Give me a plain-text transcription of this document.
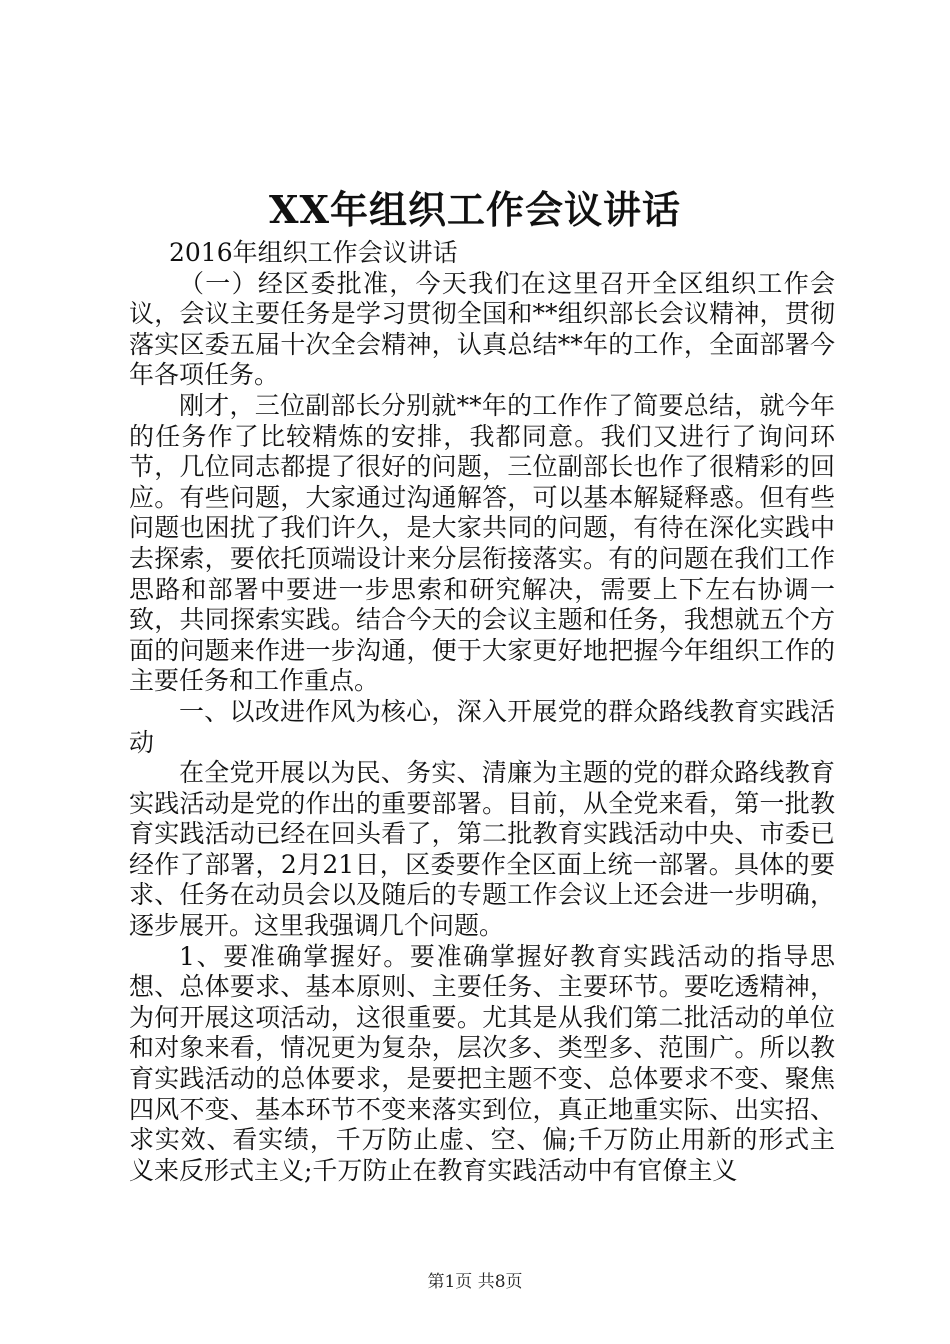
XX年组织工作会议讲话

2016年组织工作会议讲话

（一）经区委批准，今天我们在这里召开全区组织工作会议，会议主要任务是学习贯彻全国和**组织部长会议精神，贯彻落实区委五届十次全会精神，认真总结**年的工作，全面部署今年各项任务。

刚才，三位副部长分别就**年的工作作了简要总结，就今年的任务作了比较精炼的安排，我都同意。我们又进行了询问环节，几位同志都提了很好的问题，三位副部长也作了很精彩的回应。有些问题，大家通过沟通解答，可以基本解疑释惑。但有些问题也困扰了我们许久，是大家共同的问题，有待在深化实践中去探索，要依托顶端设计来分层衔接落实。有的问题在我们工作思路和部署中要进一步思索和研究解决，需要上下左右协调一致，共同探索实践。结合今天的会议主题和任务，我想就五个方面的问题来作进一步沟通，便于大家更好地把握今年组织工作的主要任务和工作重点。

一、以改进作风为核心，深入开展党的群众路线教育实践活动

在全党开展以为民、务实、清廉为主题的党的群众路线教育实践活动是党的作出的重要部署。目前，从全党来看，第一批教育实践活动已经在回头看了，第二批教育实践活动中央、市委已经作了部署，2月21日，区委要作全区面上统一部署。具体的要求、任务在动员会以及随后的专题工作会议上还会进一步明确，逐步展开。这里我强调几个问题。

1、要准确掌握好。要准确掌握好教育实践活动的指导思想、总体要求、基本原则、主要任务、主要环节。要吃透精神，为何开展这项活动，这很重要。尤其是从我们第二批活动的单位和对象来看，情况更为复杂，层次多、类型多、范围广。所以教育实践活动的总体要求，是要把主题不变、总体要求不变、聚焦四风不变、基本环节不变来落实到位，真正地重实际、出实招、求实效、看实绩，千万防止虚、空、偏;千万防止用新的形式主义来反形式主义;千万防止在教育实践活动中有官僚主义

第1页 共8页
